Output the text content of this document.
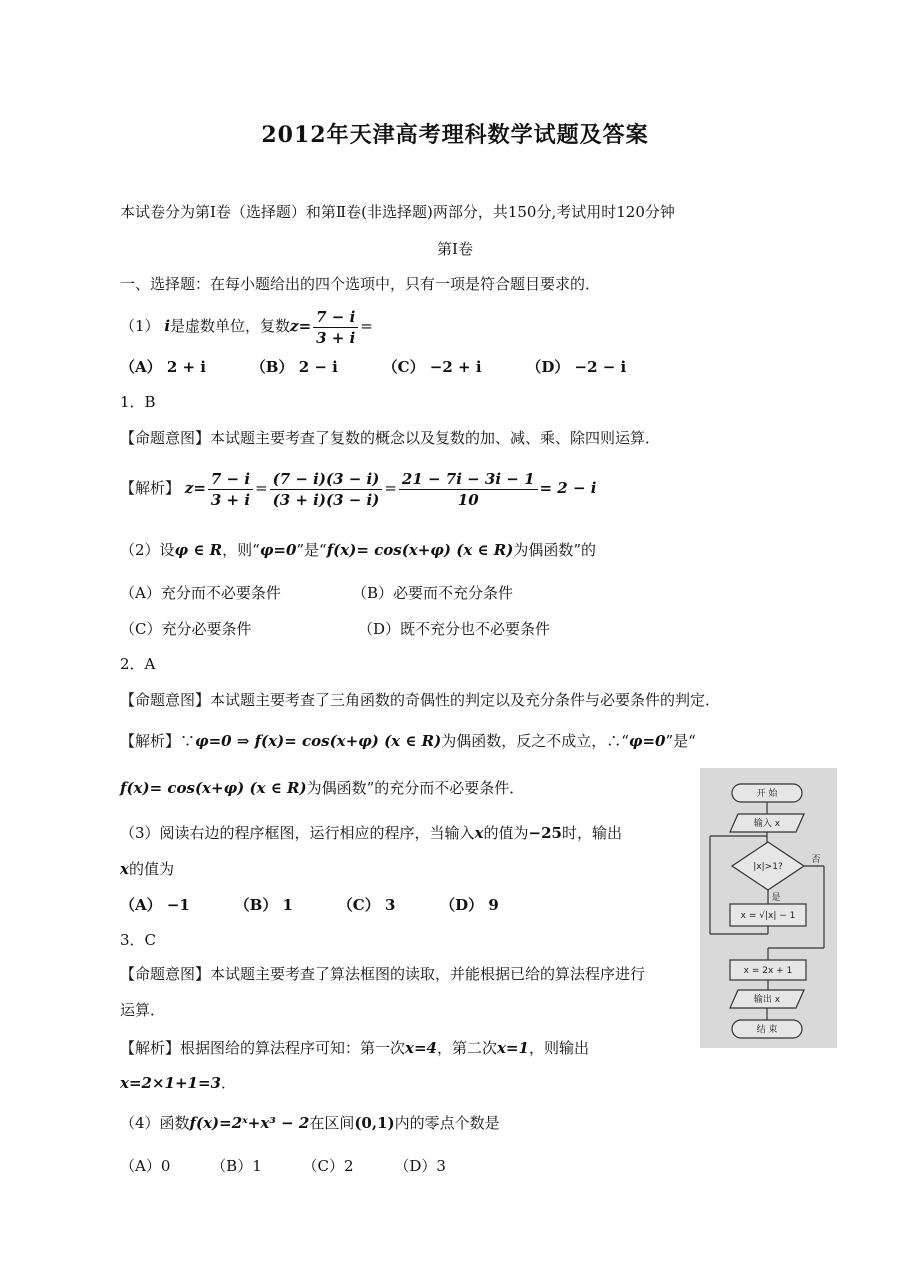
2012年天津高考理科数学试题及答案
本试卷分为第Ⅰ卷（选择题）和第Ⅱ卷(非选择题)两部分，共150分,考试用时120分钟
第Ⅰ卷
一、选择题：在每小题给出的四个选项中，只有一项是符合题目要求的．
（1） i是虚数单位，复数$z= \frac{7 - i}{3 + i}$ =
（A） 2 + i	（B） 2 − i	（C） −2 + i	（D） −2 − i
1．B
【命题意图】本试题主要考查了复数的概念以及复数的加、减、乘、除四则运算．
【解析】 $z= \frac{7 - i}{3 + i} = \frac{(7 - i)(3 - i)}{(3 + i)(3 - i)} = \frac{21 - 7i - 3i - 1}{10} = 2 - i$
（2）设φ ∈ R，则“φ=0”是“f(x)= cos(x+φ) (x ∈ R)为偶函数”的
（A）充分而不必要条件	（B）必要而不充分条件
（C）充分必要条件	（D）既不充分也不必要条件
2．A
【命题意图】本试题主要考查了三角函数的奇偶性的判定以及充分条件与必要条件的判定．
【解析】∵φ=0 ⇒ f(x)= cos(x+φ) (x ∈ R)为偶函数，反之不成立，∴“φ=0”是“
f(x)= cos(x+φ) (x ∈ R)为偶函数”的充分而不必要条件．	开 始
输入 x
|x|>1?
是
否
x = √|x| − 1
x = 2x + 1
输出 x
结 束
（3）阅读右边的程序框图，运行相应的程序，当输入x的值为−25时，输出
x的值为
（A） −1	（B） 1	（C） 3	（D） 9
3．C
【命题意图】本试题主要考查了算法框图的读取，并能根据已给的算法程序进行
运算．
【解析】根据图给的算法程序可知：第一次x=4，第二次x=1，则输出
x=2×1+1=3．
（4）函数f(x)=2ˣ+x³ − 2在区间(0,1)内的零点个数是
（A）0	（B）1	（C）2	（D）3
